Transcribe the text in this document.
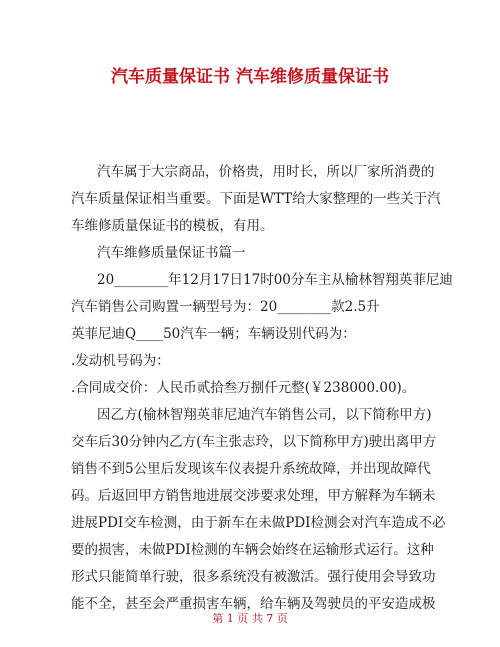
汽车质量保证书 汽车维修质量保证书
汽车属于大宗商品，价格贵，用时长，所以厂家所消费的
汽车质量保证相当重要。下面是WTT给大家整理的一些关于汽
车维修质量保证书的模板，有用。
汽车维修质量保证书篇一
20________年12月17日17时00分车主从榆林智翔英菲尼迪
汽车销售公司购置一辆型号为：20________款2.5升
英菲尼迪Q____50汽车一辆；车辆设别代码为：
.发动机号码为：
.合同成交价：人民币贰拾叁万捌仟元整(￥238000.00)。
因乙方(榆林智翔英菲尼迪汽车销售公司，以下简称甲方)
交车后30分钟内乙方(车主张志玲，以下简称甲方)驶出离甲方
销售不到5公里后发现该车仪表提升系统故障，并出现故障代
码。后返回甲方销售地进展交涉要求处理，甲方解释为车辆未
进展PDI交车检测，由于新车在未做PDI检测会对汽车造成不必
要的损害，未做PDI检测的车辆会始终在运输形式运行。这种
形式只能简单行驶，很多系统没有被激活。强行使用会导致功
能不全，甚至会严重损害车辆，给车辆及驾驶员的平安造成极
第 1 页 共 7 页
